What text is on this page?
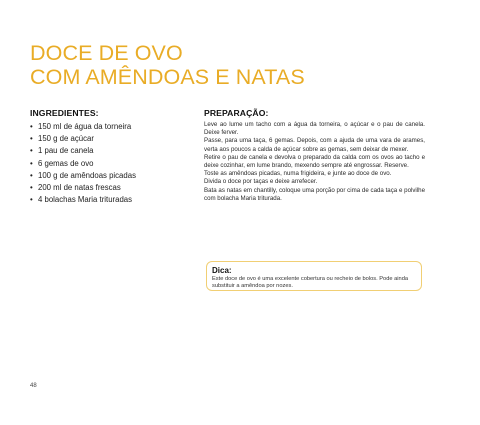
DOCE DE OVO
COM AMÊNDOAS E NATAS
INGREDIENTES:
• 150 ml de água da torneira
• 150 g de açúcar
• 1 pau de canela
• 6 gemas de ovo
• 100 g de amêndoas picadas
• 200 ml de natas frescas
• 4 bolachas Maria trituradas
PREPARAÇÃO:

Leve ao lume um tacho com a água da torneira, o açúcar e o pau de canela. Deixe ferver.

Passe, para uma taça, 6 gemas. Depois, com a ajuda de uma vara de arames, verta aos poucos a calda de açúcar sobre as gemas, sem deixar de mexer.

Retire o pau de canela e devolva o preparado da calda com os ovos ao tacho e deixe cozinhar, em lume brando, mexendo sempre até engrossar. Reserve.

Toste as amêndoas picadas, numa frigideira, e junte ao doce de ovo.

Divida o doce por taças e deixe arrefecer.

Bata as natas em chantilly, coloque uma porção por cima de cada taça e polvilhe com bolacha Maria triturada.

Dica:
Este doce de ovo é uma excelente cobertura ou recheio de bolos. Pode ainda substituir a amêndoa por nozes.
48
